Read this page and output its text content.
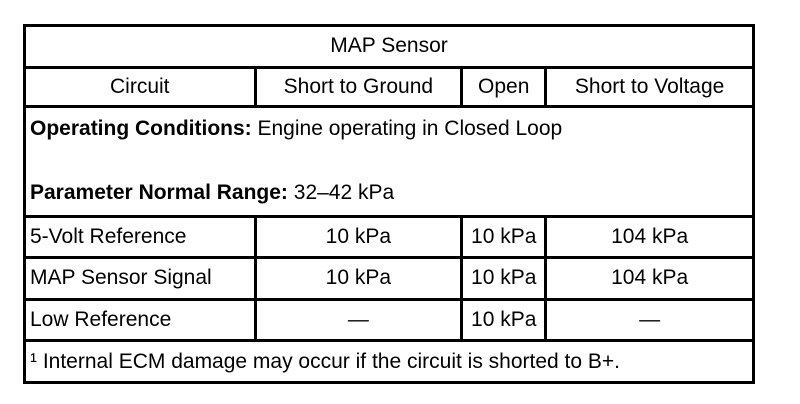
MAP Sensor			
Circuit	Short to Ground	Open	Short to Voltage

Operating Conditions: Engine operating in Closed Loop
Parameter Normal Range: 32–42 kPa			

5-Volt Reference	10 kPa	10 kPa	104 kPa
MAP Sensor Signal	10 kPa	10 kPa	104 kPa
Low Reference	—	10 kPa	—
¹ Internal ECM damage may occur if the circuit is shorted to B+.			
